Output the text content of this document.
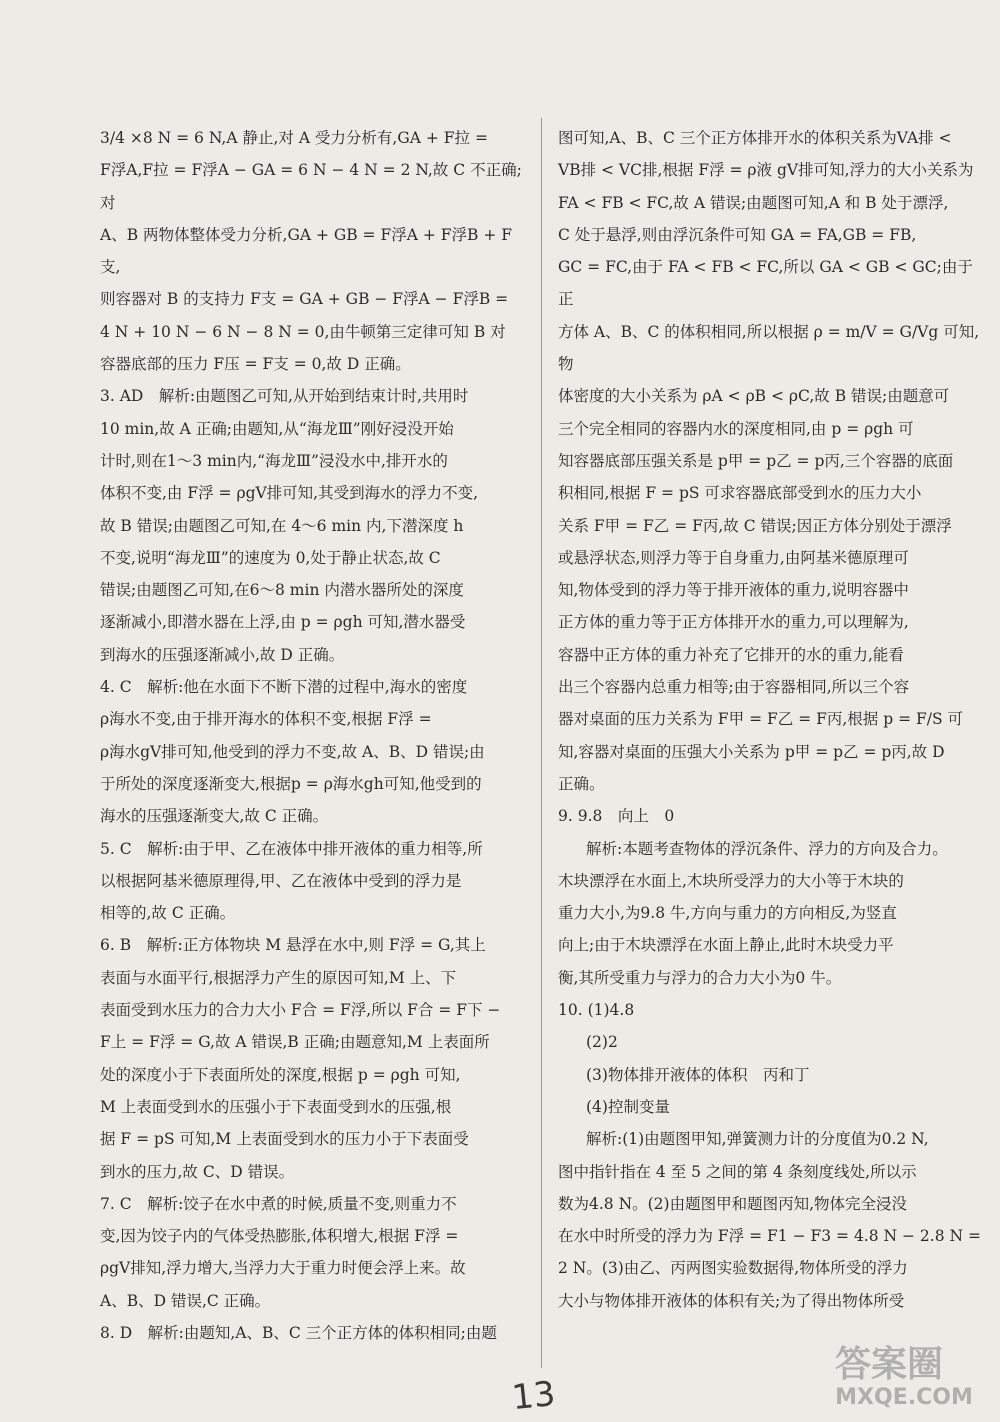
3/4 ×8 N = 6 N,A 静止,对 A 受力分析有,GA + F拉 =

F浮A,F拉 = F浮A − GA = 6 N − 4 N = 2 N,故 C 不正确;对

A、B 两物体整体受力分析,GA + GB = F浮A + F浮B + F支,

则容器对 B 的支持力 F支 = GA + GB − F浮A − F浮B =

4 N + 10 N − 6 N − 8 N = 0,由牛顿第三定律可知 B 对

容器底部的压力 F压 = F支 = 0,故 D 正确。

3. AD　解析:由题图乙可知,从开始到结束计时,共用时

10 min,故 A 正确;由题知,从“海龙Ⅲ”刚好浸没开始

计时,则在1～3 min内,“海龙Ⅲ”浸没水中,排开水的

体积不变,由 F浮 = ρgV排可知,其受到海水的浮力不变,

故 B 错误;由题图乙可知,在 4～6 min 内,下潜深度 h

不变,说明“海龙Ⅲ”的速度为 0,处于静止状态,故 C

错误;由题图乙可知,在6～8 min 内潜水器所处的深度

逐渐减小,即潜水器在上浮,由 p = ρgh 可知,潜水器受

到海水的压强逐渐减小,故 D 正确。

4. C　解析:他在水面下不断下潜的过程中,海水的密度

ρ海水不变,由于排开海水的体积不变,根据 F浮 =

ρ海水gV排可知,他受到的浮力不变,故 A、B、D 错误;由

于所处的深度逐渐变大,根据p = ρ海水gh可知,他受到的

海水的压强逐渐变大,故 C 正确。

5. C　解析:由于甲、乙在液体中排开液体的重力相等,所

以根据阿基米德原理得,甲、乙在液体中受到的浮力是

相等的,故 C 正确。

6. B　解析:正方体物块 M 悬浮在水中,则 F浮 = G,其上

表面与水面平行,根据浮力产生的原因可知,M 上、下

表面受到水压力的合力大小 F合 = F浮,所以 F合 = F下 −

F上 = F浮 = G,故 A 错误,B 正确;由题意知,M 上表面所

处的深度小于下表面所处的深度,根据 p = ρgh 可知,

M 上表面受到水的压强小于下表面受到水的压强,根

据 F = pS 可知,M 上表面受到水的压力小于下表面受

到水的压力,故 C、D 错误。

7. C　解析:饺子在水中煮的时候,质量不变,则重力不

变,因为饺子内的气体受热膨胀,体积增大,根据 F浮 =

ρgV排知,浮力增大,当浮力大于重力时便会浮上来。故

A、B、D 错误,C 正确。

8. D　解析:由题知,A、B、C 三个正方体的体积相同;由题

图可知,A、B、C 三个正方体排开水的体积关系为VA排 <

VB排 < VC排,根据 F浮 = ρ液 gV排可知,浮力的大小关系为

FA < FB < FC,故 A 错误;由题图可知,A 和 B 处于漂浮,

C 处于悬浮,则由浮沉条件可知 GA = FA,GB = FB,

GC = FC,由于 FA < FB < FC,所以 GA < GB < GC;由于正

方体 A、B、C 的体积相同,所以根据 ρ = m/V = G/Vg 可知,物

体密度的大小关系为 ρA < ρB < ρC,故 B 错误;由题意可

三个完全相同的容器内水的深度相同,由 p = ρgh 可

知容器底部压强关系是 p甲 = p乙 = p丙,三个容器的底面

积相同,根据 F = pS 可求容器底部受到水的压力大小

关系 F甲 = F乙 = F丙,故 C 错误;因正方体分别处于漂浮

或悬浮状态,则浮力等于自身重力,由阿基米德原理可

知,物体受到的浮力等于排开液体的重力,说明容器中

正方体的重力等于正方体排开水的重力,可以理解为,

容器中正方体的重力补充了它排开的水的重力,能看

出三个容器内总重力相等;由于容器相同,所以三个容

器对桌面的压力关系为 F甲 = F乙 = F丙,根据 p = F/S 可

知,容器对桌面的压强大小关系为 p甲 = p乙 = p丙,故 D

正确。

9. 9.8　向上　0

解析:本题考查物体的浮沉条件、浮力的方向及合力。

木块漂浮在水面上,木块所受浮力的大小等于木块的

重力大小,为9.8 牛,方向与重力的方向相反,为竖直

向上;由于木块漂浮在水面上静止,此时木块受力平

衡,其所受重力与浮力的合力大小为0 牛。

10. (1)4.8

(2)2

(3)物体排开液体的体积　丙和丁

(4)控制变量

解析:(1)由题图甲知,弹簧测力计的分度值为0.2 N,

图中指针指在 4 至 5 之间的第 4 条刻度线处,所以示

数为4.8 N。(2)由题图甲和题图丙知,物体完全浸没

在水中时所受的浮力为 F浮 = F1 − F3 = 4.8 N − 2.8 N =

2 N。(3)由乙、丙两图实验数据得,物体所受的浮力

大小与物体排开液体的体积有关;为了得出物体所受

13
答案圈
MXQE.COM
